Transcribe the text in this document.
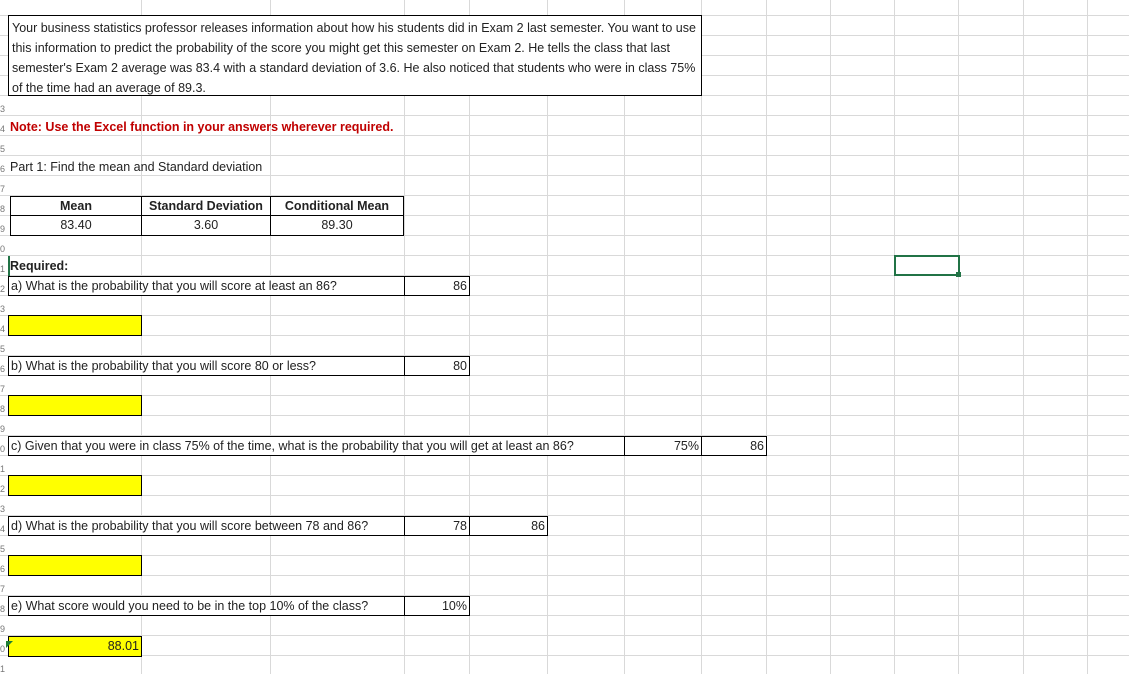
3
4
5
6
7
8
9
0
1
2
3
4
5
6
7
8
9
0
1
2
3
4
5
6
7
8
9
0
1
Your business statistics professor releases information about how his students did in Exam 2 last semester. You want to use this information to predict the probability of the score you might get this semester on Exam 2. He tells the class that last semester's Exam 2 average was 83.4 with a standard deviation of 3.6. He also noticed that students who were in class 75% of the time had an average of 89.3.
Note: Use the Excel function in your answers wherever required.
Part 1: Find the mean and Standard deviation
Mean	Standard Deviation	Conditional Mean
83.40	3.60	89.30
Required:
a) What is the probability that you will score at least an 86?	86
b) What is the probability that you will score 80 or less?	80
c) Given that you were in class 75% of the time, what is the probability that you will get at least an 86?	75%	86
d) What is the probability that you will score between 78 and 86?	78	86
e) What score would you need to be in the top 10% of the class?	10%
88.01
